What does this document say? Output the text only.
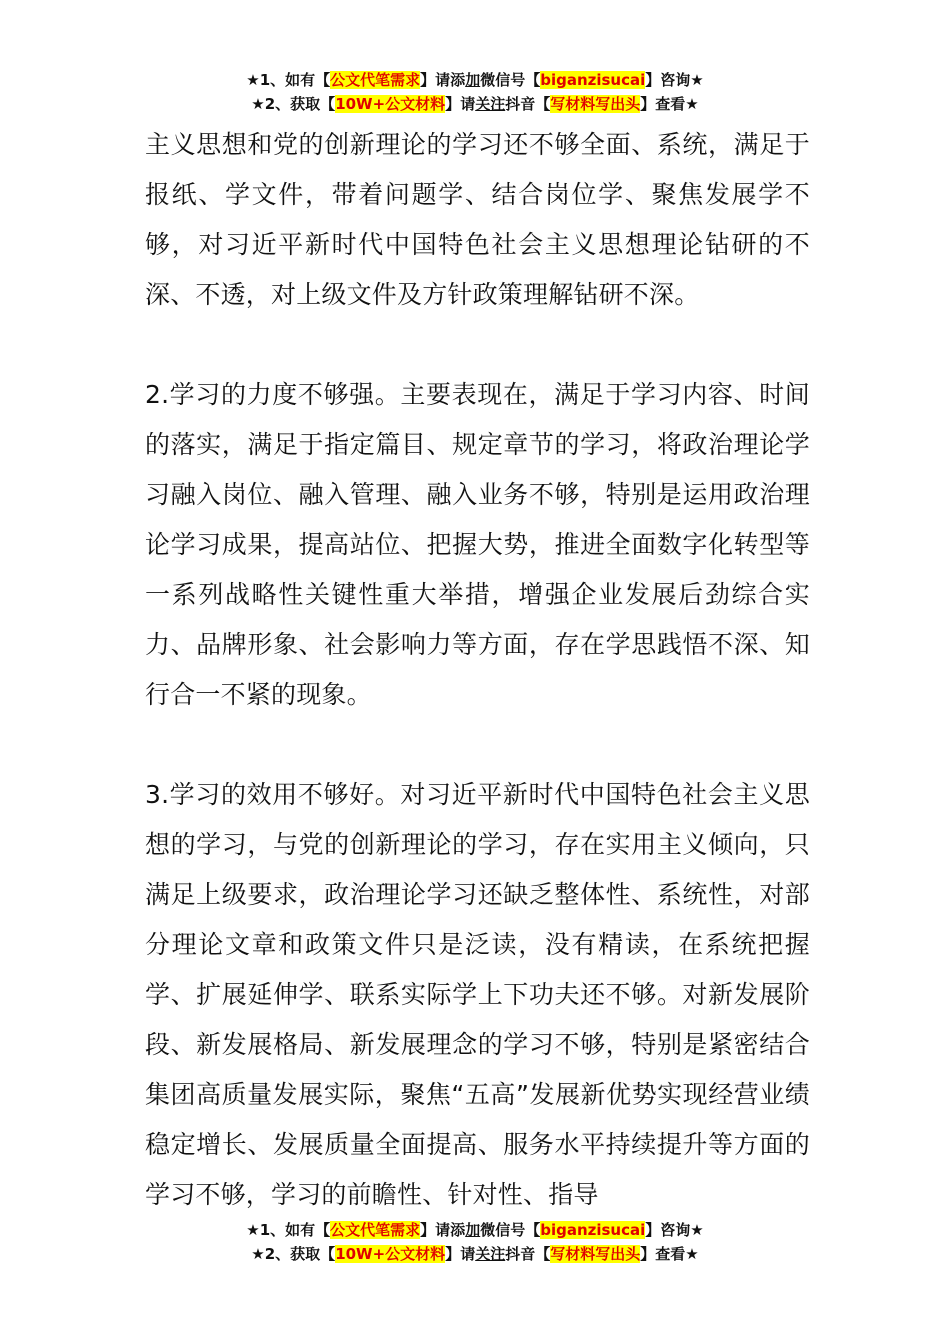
★1、如有【公文代笔需求】请添加微信号【biganzisucai】咨询★
★2、获取【10W+公文材料】请关注抖音【写材料写出头】查看★

主义思想和党的创新理论的学习还不够全面、系统，满足于报纸、学文件，带着问题学、结合岗位学、聚焦发展学不够，对习近平新时代中国特色社会主义思想理论钻研的不深、不透，对上级文件及方针政策理解钻研不深。

2.学习的力度不够强。主要表现在，满足于学习内容、时间的落实，满足于指定篇目、规定章节的学习，将政治理论学习融入岗位、融入管理、融入业务不够，特别是运用政治理论学习成果，提高站位、把握大势，推进全面数字化转型等一系列战略性关键性重大举措，增强企业发展后劲综合实力、品牌形象、社会影响力等方面，存在学思践悟不深、知行合一不紧的现象。

3.学习的效用不够好。对习近平新时代中国特色社会主义思想的学习，与党的创新理论的学习，存在实用主义倾向，只满足上级要求，政治理论学习还缺乏整体性、系统性，对部分理论文章和政策文件只是泛读，没有精读，在系统把握学、扩展延伸学、联系实际学上下功夫还不够。对新发展阶段、新发展格局、新发展理念的学习不够，特别是紧密结合集团高质量发展实际，聚焦“五高”发展新优势实现经营业绩稳定增长、发展质量全面提高、服务水平持续提升等方面的学习不够，学习的前瞻性、针对性、指导

★1、如有【公文代笔需求】请添加微信号【biganzisucai】咨询★
★2、获取【10W+公文材料】请关注抖音【写材料写出头】查看★
